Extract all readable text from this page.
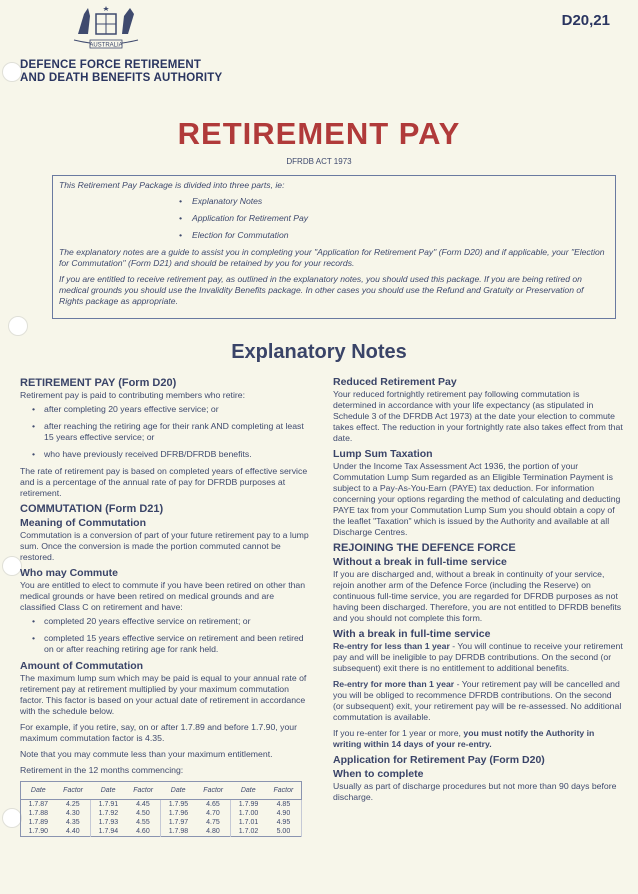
AUSTRALIA
DEFENCE FORCE RETIREMENT
AND DEATH BENEFITS AUTHORITY
D20,21
RETIREMENT PAY
DFRDB ACT 1973

This Retirement Pay Package is divided into three parts, ie:

• Explanatory Notes
• Application for Retirement Pay
• Election for Commutation

The explanatory notes are a guide to assist you in completing your "Application for Retirement Pay" (Form D20) and if applicable, your "Election for Commutation" (Form D21) and should be retained by you for your records.

If you are entitled to receive retirement pay, as outlined in the explanatory notes, you should used this package. If you are being retired on medical grounds you should use the Invalidity Benefits package. In other cases you should use the Refund and Gratuity or Preservation of Rights package as appropriate.

Explanatory Notes
RETIREMENT PAY (Form D20)

Retirement pay is paid to contributing members who retire:

• after completing 20 years effective service; or
• after reaching the retiring age for their rank AND completing at least 15 years effective service; or
• who have previously received DFRB/DFRDB benefits.

The rate of retirement pay is based on completed years of effective service and is a percentage of the annual rate of pay for DFRDB purposes at retirement.

COMMUTATION (Form D21)
Meaning of Commutation

Commutation is a conversion of part of your future retirement pay to a lump sum. Once the conversion is made the portion commuted cannot be restored.

Who may Commute

You are entitled to elect to commute if you have been retired on other than medical grounds or have been retired on medical grounds and are classified Class C on retirement and have:

• completed 20 years effective service on retirement; or
• completed 15 years effective service on retirement and been retired on or after reaching retiring age for rank held.
Amount of Commutation

The maximum lump sum which may be paid is equal to your annual rate of retirement pay at retirement multiplied by your maximum commutation factor. This factor is based on your actual date of retirement in accordance with the schedule below.

For example, if you retire, say, on or after 1.7.89 and before 1.7.90, your maximum commutation factor is 4.35.

Note that you may commute less than your maximum entitlement.

Retirement in the 12 months commencing:

Date	Factor	Date	Factor	Date	Factor	Date	Factor
1.7.87	4.25	1.7.91	4.45	1.7.95	4.65	1.7.99	4.85
1.7.88	4.30	1.7.92	4.50	1.7.96	4.70	1.7.00	4.90
1.7.89	4.35	1.7.93	4.55	1.7.97	4.75	1.7.01	4.95
1.7.90	4.40	1.7.94	4.60	1.7.98	4.80	1.7.02	5.00
Reduced Retirement Pay

Your reduced fortnightly retirement pay following commutation is determined in accordance with your life expectancy (as stipulated in Schedule 3 of the DFRDB Act 1973) at the date your election to commute takes effect. The reduction in your fortnightly rate also takes effect from that date.

Lump Sum Taxation

Under the Income Tax Assessment Act 1936, the portion of your Commutation Lump Sum regarded as an Eligible Termination Payment is subject to a Pay-As-You-Earn (PAYE) tax deduction. For information concerning your options regarding the method of calculating and deducting PAYE tax from your Commutation Lump Sum you should obtain a copy of the leaflet "Taxation" which is issued by the Authority and available at all Discharge Centres.

REJOINING THE DEFENCE FORCE
Without a break in full-time service

If you are discharged and, without a break in continuity of your service, rejoin another arm of the Defence Force (including the Reserve) on continuous full-time service, you are regarded for DFRDB purposes as not having been discharged. Therefore, you are not entitled to DFRDB benefits and you should not complete this form.

With a break in full-time service

Re-entry for less than 1 year - You will continue to receive your retirement pay and will be ineligible to pay DFRDB contributions. On the second (or subsequent) exit there is no entitlement to additional benefits.

Re-entry for more than 1 year - Your retirement pay will be cancelled and you will be obliged to recommence DFRDB contributions. On the second (or subsequent) exit, your retirement pay will be re-assessed. No additional commutation is available.

If you re-enter for 1 year or more, you must notify the Authority in writing within 14 days of your re-entry.

Application for Retirement Pay (Form D20)
When to complete

Usually as part of discharge procedures but not more than 90 days before discharge.
